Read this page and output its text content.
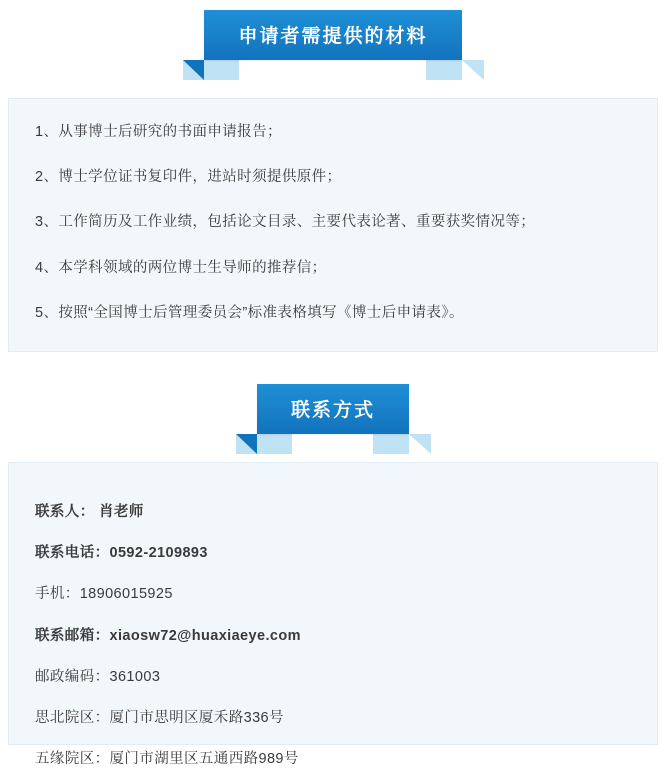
申请者需提供的材料

1、从事博士后研究的书面申请报告；

2、博士学位证书复印件，进站时须提供原件；

3、工作简历及工作业绩，包括论文目录、主要代表论著、重要获奖情况等；

4、本学科领域的两位博士生导师的推荐信；

5、按照“全国博士后管理委员会”标准表格填写《博士后申请表》。

联系方式

联系人： 肖老师

联系电话：0592-2109893

手机：18906015925

联系邮箱：xiaosw72@huaxiaeye.com

邮政编码：361003

思北院区：厦门市思明区厦禾路336号

五缘院区：厦门市湖里区五通西路989号
